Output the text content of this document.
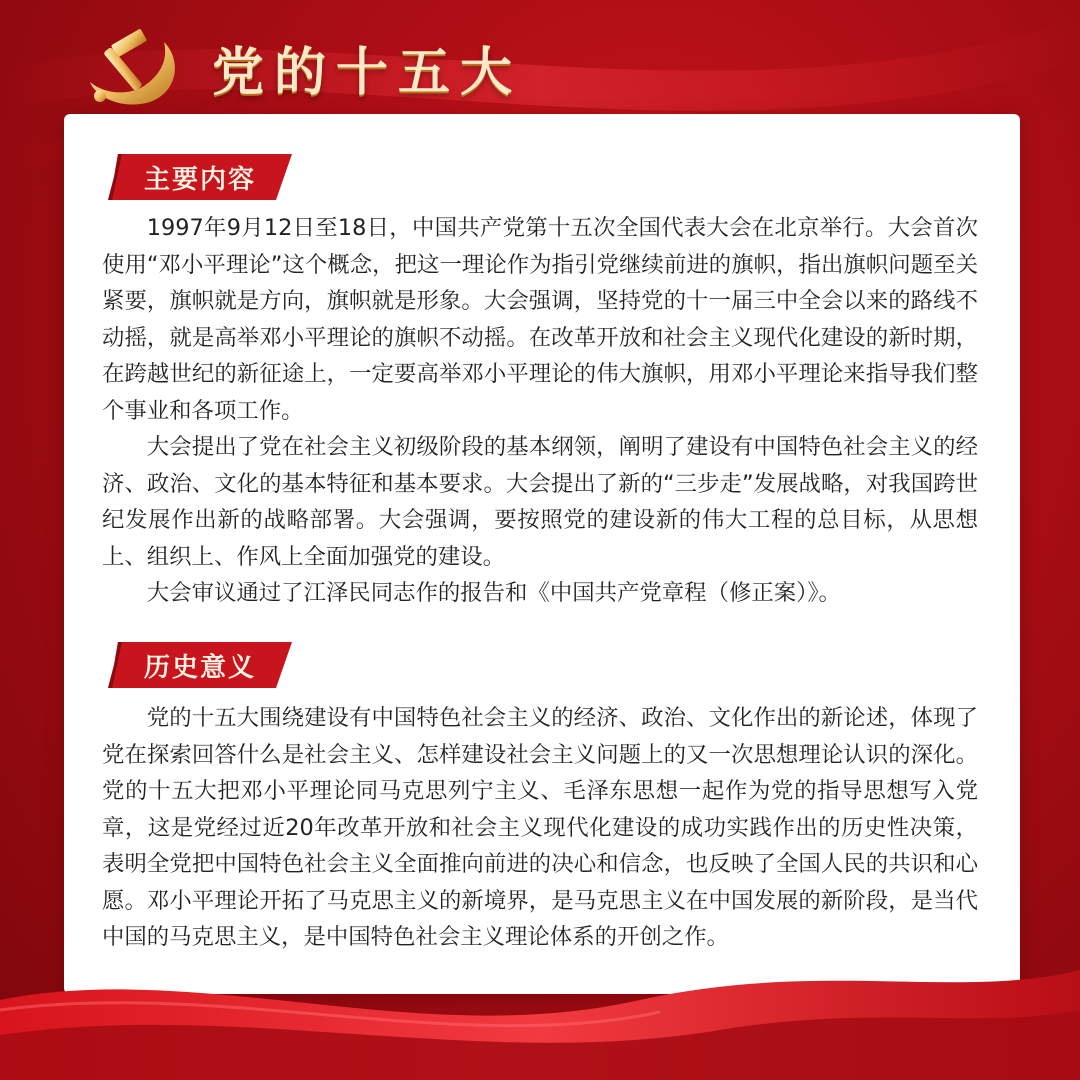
党的十五大
主要内容

1997年9月12日至18日，中国共产党第十五次全国代表大会在北京举行。大会首次使用“邓小平理论”这个概念，把这一理论作为指引党继续前进的旗帜，指出旗帜问题至关紧要，旗帜就是方向，旗帜就是形象。大会强调，坚持党的十一届三中全会以来的路线不动摇，就是高举邓小平理论的旗帜不动摇。在改革开放和社会主义现代化建设的新时期，在跨越世纪的新征途上，一定要高举邓小平理论的伟大旗帜，用邓小平理论来指导我们整个事业和各项工作。

大会提出了党在社会主义初级阶段的基本纲领，阐明了建设有中国特色社会主义的经济、政治、文化的基本特征和基本要求。大会提出了新的“三步走”发展战略，对我国跨世纪发展作出新的战略部署。大会强调，要按照党的建设新的伟大工程的总目标，从思想上、组织上、作风上全面加强党的建设。

大会审议通过了江泽民同志作的报告和《中国共产党章程（修正案）》。

历史意义

党的十五大围绕建设有中国特色社会主义的经济、政治、文化作出的新论述，体现了党在探索回答什么是社会主义、怎样建设社会主义问题上的又一次思想理论认识的深化。党的十五大把邓小平理论同马克思列宁主义、毛泽东思想一起作为党的指导思想写入党章，这是党经过近20年改革开放和社会主义现代化建设的成功实践作出的历史性决策，表明全党把中国特色社会主义全面推向前进的决心和信念，也反映了全国人民的共识和心愿。邓小平理论开拓了马克思主义的新境界，是马克思主义在中国发展的新阶段，是当代中国的马克思主义，是中国特色社会主义理论体系的开创之作。
